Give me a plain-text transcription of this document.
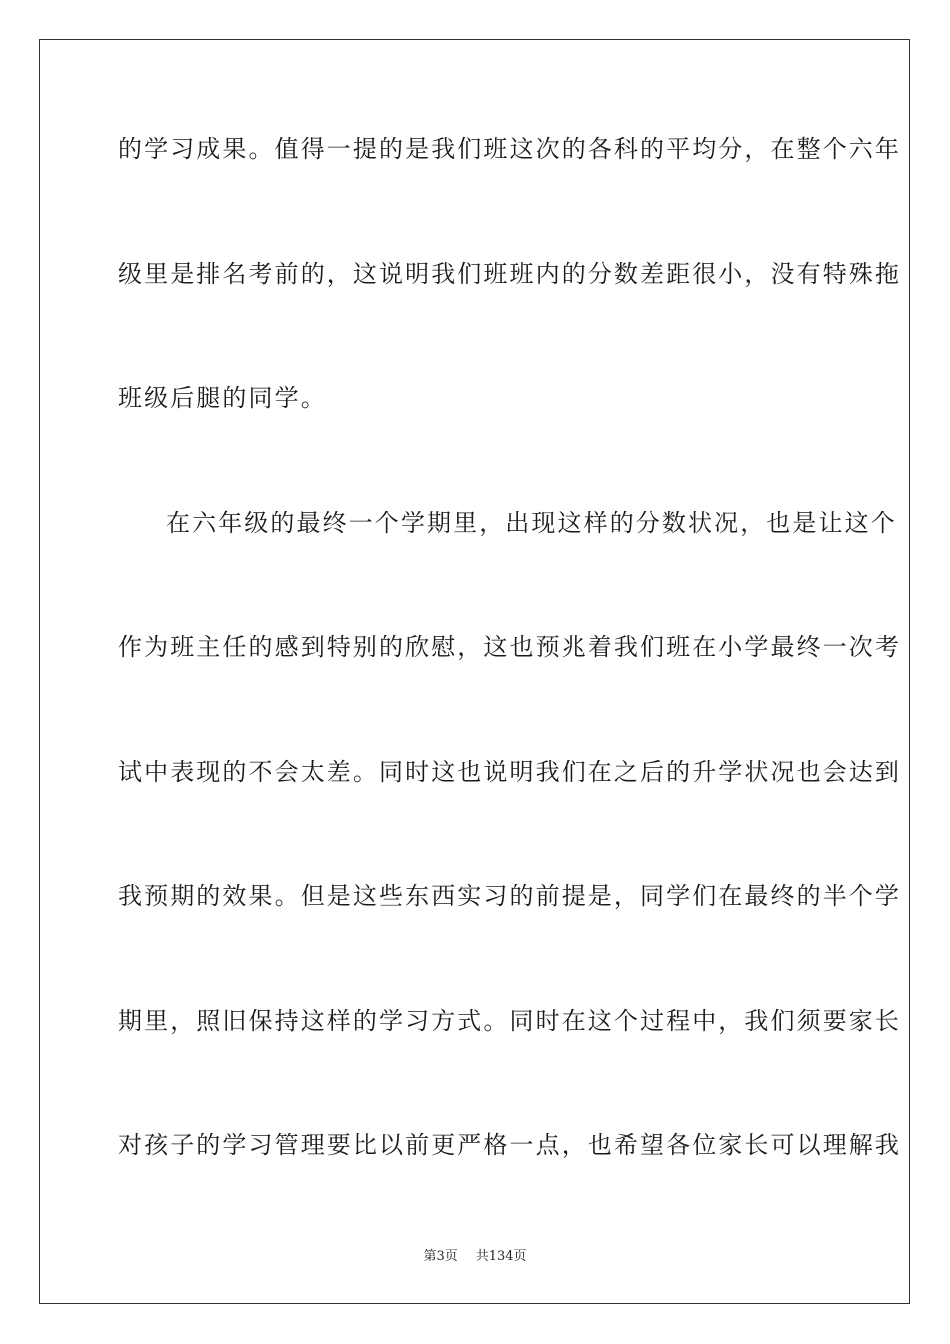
的学习成果。值得一提的是我们班这次的各科的平均分，在整个六年
级里是排名考前的，这说明我们班班内的分数差距很小，没有特殊拖
班级后腿的同学。
在六年级的最终一个学期里，出现这样的分数状况，也是让这个
作为班主任的感到特别的欣慰，这也预兆着我们班在小学最终一次考
试中表现的不会太差。同时这也说明我们在之后的升学状况也会达到
我预期的效果。但是这些东西实习的前提是，同学们在最终的半个学
期里，照旧保持这样的学习方式。同时在这个过程中，我们须要家长
对孩子的学习管理要比以前更严格一点，也希望各位家长可以理解我
第3页 共134页
